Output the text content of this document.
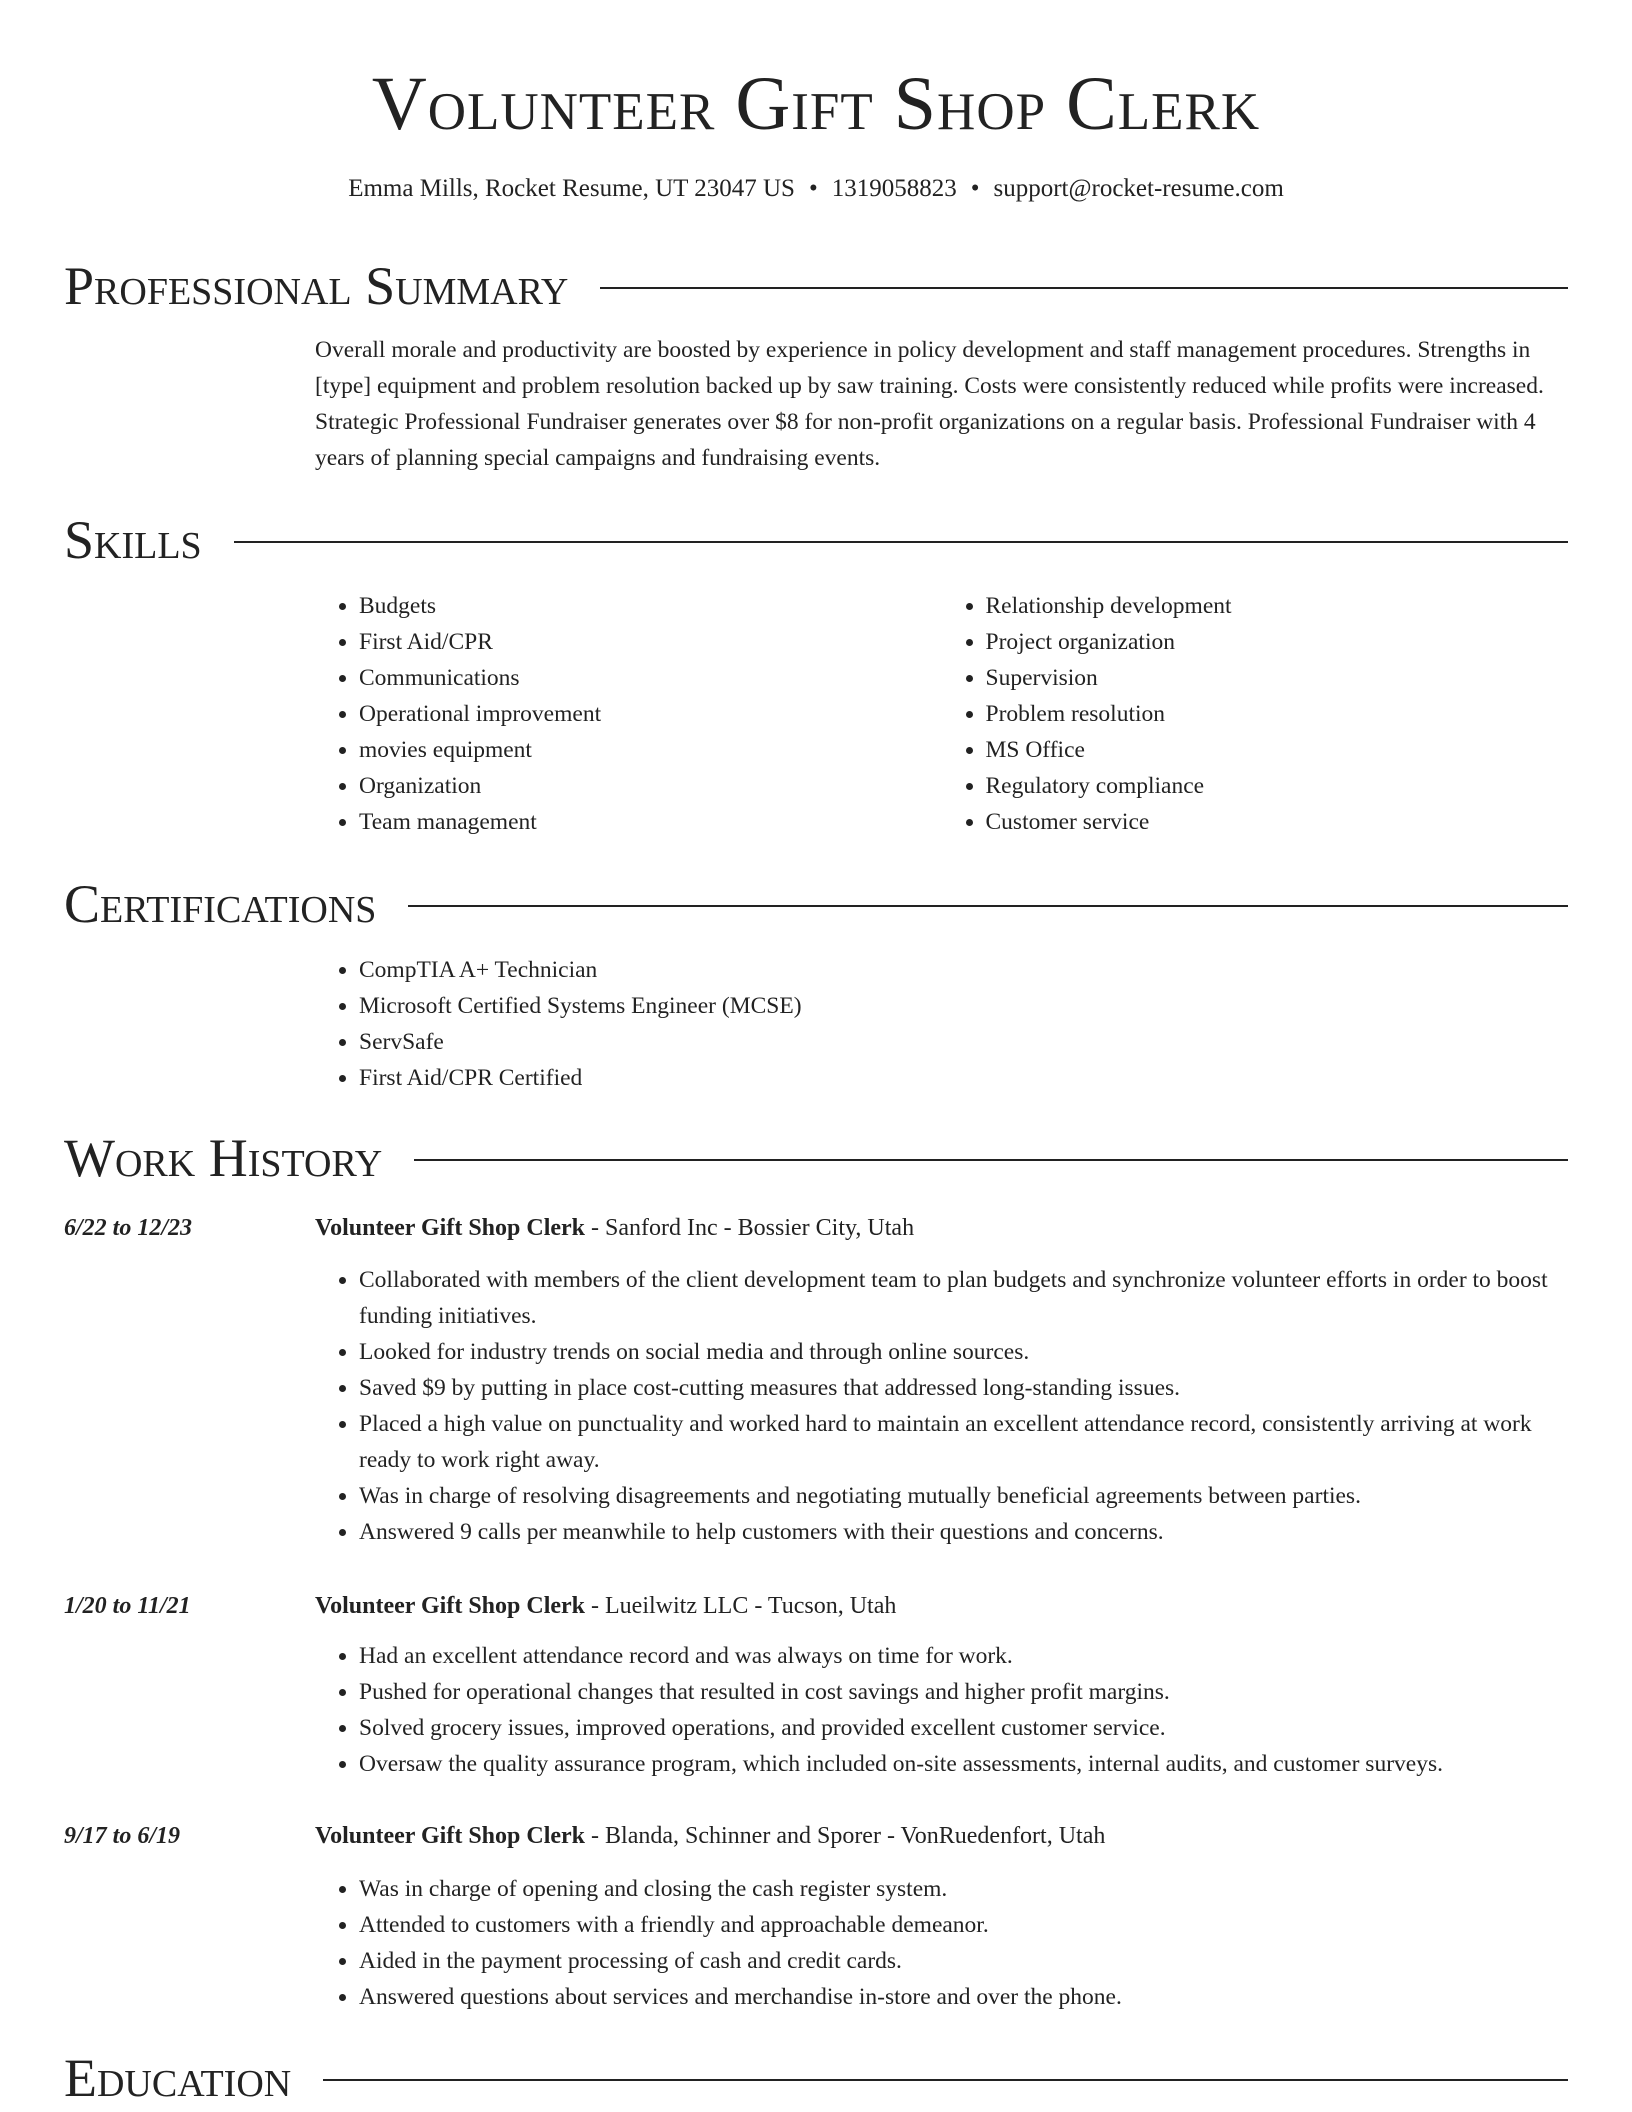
Volunteer Gift Shop Clerk
Emma Mills, Rocket Resume, UT 23047 US • 1319058823 • support@rocket-resume.com
Professional Summary
Overall morale and productivity are boosted by experience in policy development and staff management procedures. Strengths in [type] equipment and problem resolution backed up by saw training. Costs were consistently reduced while profits were increased. Strategic Professional Fundraiser generates over $8 for non-profit organizations on a regular basis. Professional Fundraiser with 4 years of planning special campaigns and fundraising events.
Skills
• Budgets
• First Aid/CPR
• Communications
• Operational improvement
• movies equipment
• Organization
• Team management
• Relationship development
• Project organization
• Supervision
• Problem resolution
• MS Office
• Regulatory compliance
• Customer service
Certifications
• CompTIA A+ Technician
• Microsoft Certified Systems Engineer (MCSE)
• ServSafe
• First Aid/CPR Certified
Work History
6/22 to 12/23	Volunteer Gift Shop Clerk - Sanford Inc - Bossier City, Utah
• Collaborated with members of the client development team to plan budgets and synchronize volunteer efforts in order to boost funding initiatives.
• Looked for industry trends on social media and through online sources.
• Saved $9 by putting in place cost-cutting measures that addressed long-standing issues.
• Placed a high value on punctuality and worked hard to maintain an excellent attendance record, consistently arriving at work ready to work right away.
• Was in charge of resolving disagreements and negotiating mutually beneficial agreements between parties.
• Answered 9 calls per meanwhile to help customers with their questions and concerns.
1/20 to 11/21	Volunteer Gift Shop Clerk - Lueilwitz LLC - Tucson, Utah
• Had an excellent attendance record and was always on time for work.
• Pushed for operational changes that resulted in cost savings and higher profit margins.
• Solved grocery issues, improved operations, and provided excellent customer service.
• Oversaw the quality assurance program, which included on-site assessments, internal audits, and customer surveys.
9/17 to 6/19	Volunteer Gift Shop Clerk - Blanda, Schinner and Sporer - VonRuedenfort, Utah
• Was in charge of opening and closing the cash register system.
• Attended to customers with a friendly and approachable demeanor.
• Aided in the payment processing of cash and credit cards.
• Answered questions about services and merchandise in-store and over the phone.
Education
